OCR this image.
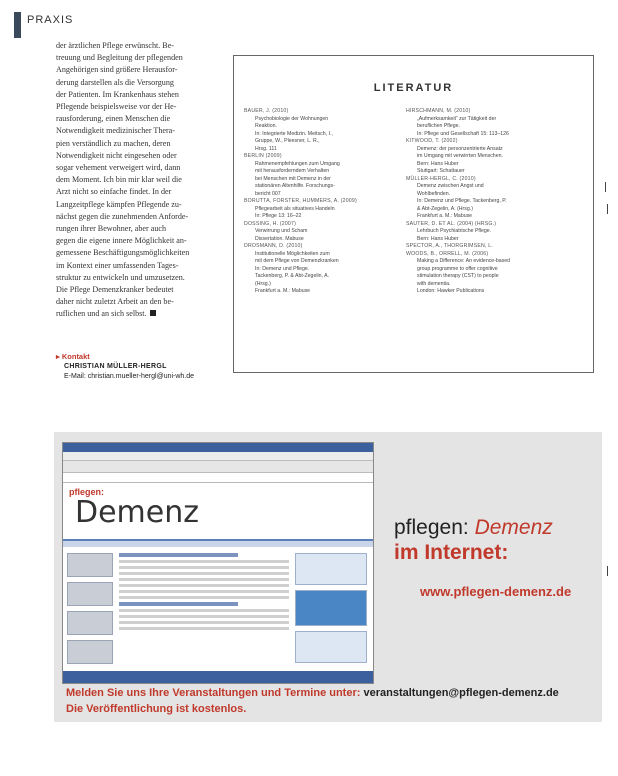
PRAXIS
der ärztlichen Pflege erwünscht. Be-
treuung und Begleitung der pflegenden
Angehörigen sind größere Herausfor-
derung darstellen als die Versorgung
der Patienten. Im Krankenhaus stehen
Pflegende beispielsweise vor der He-
rausforderung, einen Menschen die
Notwendigkeit medizinischer Thera-
pien verständlich zu machen, deren
Notwendigkeit nicht eingesehen oder
sogar vehement verweigert wird, dann
dem Moment. Ich bin mir klar weil die
Arzt nicht so einfache findet. In der
Langzeitpflege kämpfen Pflegende zu-
nächst gegen die zunehmenden Anforde-
rungen ihrer Bewohner, aber auch
gegen die eigene innere Möglichkeit an-
gemessene Beschäftigungsmöglichkeiten
im Kontext einer umfassenden Tages-
struktur zu entwickeln und umzusetzen.
Die Pflege Demenzkranker bedeutet
daher nicht zuletzt Arbeit an den be-
ruflichen und an sich selbst.
▸ Kontakt
CHRISTIAN MÜLLER-HERGL
E-Mail: christian.mueller-hergl@uni-wh.de
LITERATUR
BAUER, J. (2010)
Psychobiologie der Wohnungen
Reaktion.
In: Integrierte Medizin. Meitsch, I.,
Gruppe, W., Pleesner, L. R.,
Hrsg. 111
BERLIN (2009)
Rahmenempfehlungen zum Umgang
mit herausforderndem Verhalten
bei Menschen mit Demenz in der
stationären Altenhilfe. Forschungs-
bericht 007
BORUTTA, FORSTER, HUMMERS, A. (2009)
Pflegearbeit als situatives Handeln
In: Pflege 13: 16–22
DOSSING, H. (2007)
Verwirrung und Scham
Dissertation. Mabuse
DROSMANN, D. (2010)
Institutionelle Möglichkeiten zum
mit dem Pflege von Demenzkranken
In: Demenz und Pflege.
Tackenberg, P. & Abt-Zegelin, A.
(Hrsg.)
Frankfurt a. M.: Mabuse
HIRSCHMANN, M. (2010)
„Aufmerksamkeit“ zur Tätigkeit der
beruflichen Pflege.
In: Pflege und Gesellschaft 15: 113–126
KITWOOD, T. (2002)
Demenz: der personzentrierte Ansatz
im Umgang mit verwirrten Menschen.
Bern: Hans Huber
Stuttgart: Schattauer
MÜLLER-HERGL, C. (2010)
Demenz zwischen Angst und
Wohlbefinden.
In: Demenz und Pflege. Tackenberg, P.
& Abt-Zegelin, A. (Hrsg.)
Frankfurt a. M.: Mabuse
SAUTER, D. ET AL. (2004) (HRSG.)
Lehrbuch Psychiatrische Pflege.
Bern: Hans Huber
SPECTOR, A., THORGRIMSEN, L.
WOODS, B., ORRELL, M. (2006)
Making a Difference: An evidence-based
group programme to offer cognitive
stimulation therapy (CST) to people
with dementia.
London: Hawker Publications
pflegen:
Demenz	pflegen: Demenz
im Internet:
www.pflegen-demenz.de
Melden Sie uns Ihre Veranstaltungen und Termine unter: veranstaltungen@pflegen-demenz.de
Die Veröffentlichung ist kostenlos.
